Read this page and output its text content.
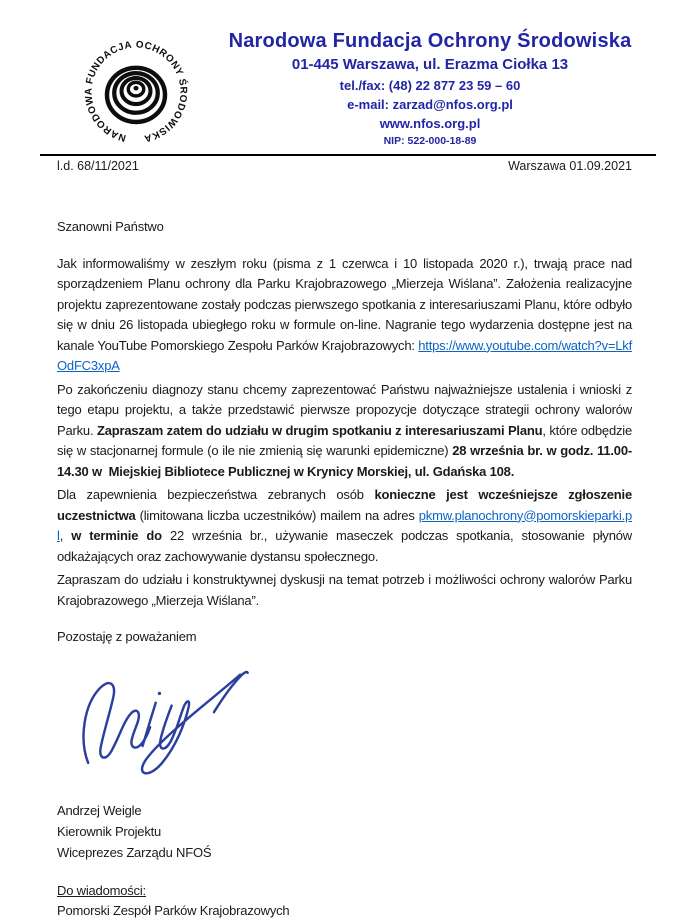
NARODOWA FUNDACJA OCHRONY ŚRODOWISKA
Narodowa Fundacja Ochrony Środowiska
01-445 Warszawa, ul. Erazma Ciołka 13
tel./fax: (48) 22 877 23 59 – 60
e-mail: zarzad@nfos.org.pl
www.nfos.org.pl
NIP: 522-000-18-89
l.d. 68/11/2021	Warszawa 01.09.2021

Szanowni Państwo

Jak informowaliśmy w zeszłym roku (pisma z 1 czerwca i 10 listopada 2020 r.), trwają prace nad sporządzeniem Planu ochrony dla Parku Krajobrazowego „Mierzeja Wiślana”. Założenia realizacyjne projektu zaprezentowane zostały podczas pierwszego spotkania z interesariuszami Planu, które odbyło się w dniu 26 listopada ubiegłego roku w formule on-line. Nagranie tego wydarzenia dostępne jest na kanale YouTube Pomorskiego Zespołu Parków Krajobrazowych: https://www.youtube.com/watch?v=LkfOdFC3xpA

Po zakończeniu diagnozy stanu chcemy zaprezentować Państwu najważniejsze ustalenia i wnioski z tego etapu projektu, a także przedstawić pierwsze propozycje dotyczące strategii ochrony walorów Parku. Zapraszam zatem do udziału w drugim spotkaniu z interesariuszami Planu, które odbędzie się w stacjonarnej formule (o ile nie zmienią się warunki epidemiczne) 28 września br. w godz. 11.00-14.30 w  Miejskiej Bibliotece Publicznej w Krynicy Morskiej, ul. Gdańska 108.

Dla zapewnienia bezpieczeństwa zebranych osób konieczne jest wcześniejsze zgłoszenie uczestnictwa (limitowana liczba uczestników) mailem na adres pkmw.planochrony@pomorskieparki.pl, w terminie do 22 września br., używanie maseczek podczas spotkania, stosowanie płynów odkażających oraz zachowywanie dystansu społecznego.

Zapraszam do udziału i konstruktywnej dyskusji na temat potrzeb i możliwości ochrony walorów Parku Krajobrazowego „Mierzeja Wiślana”.

Pozostaję z poważaniem

Andrzej Weigle
Kierownik Projektu
Wiceprezes Zarządu NFOŚ
Do wiadomości:
Pomorski Zespół Parków Krajobrazowych
